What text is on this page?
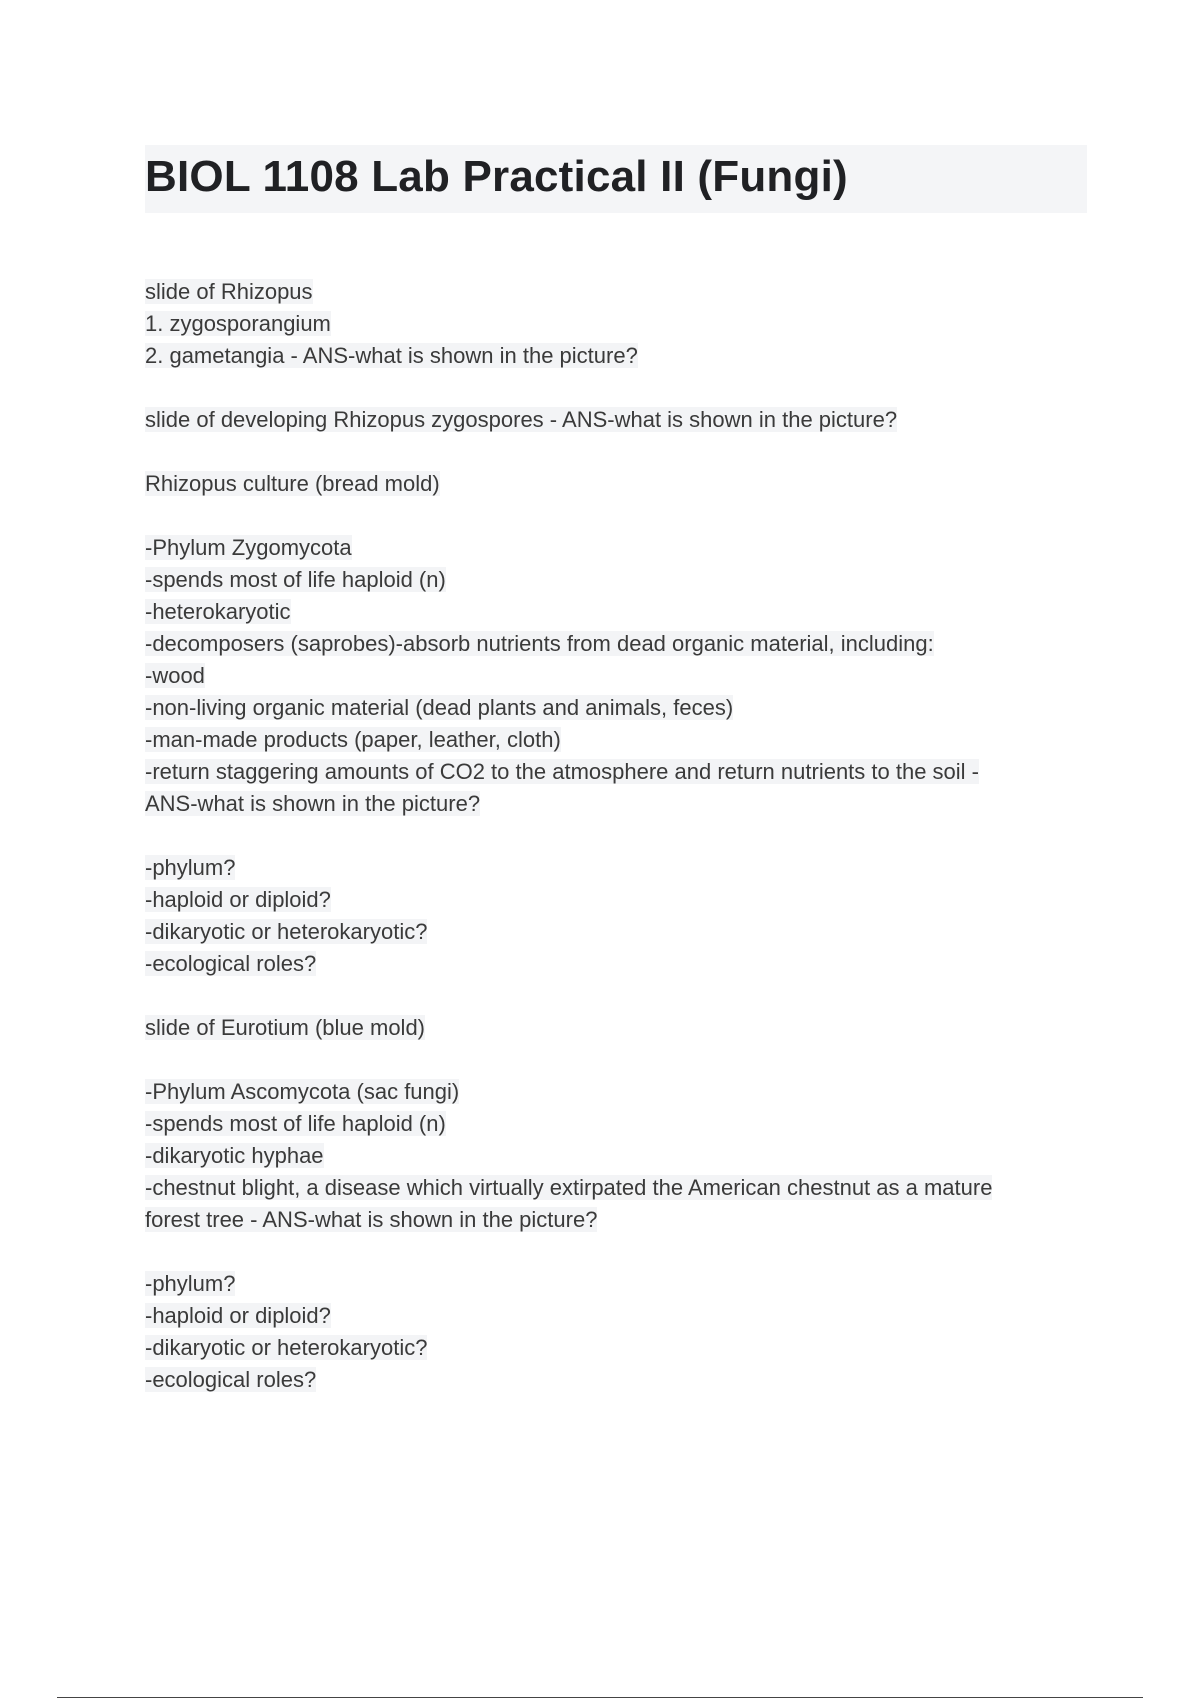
BIOL 1108 Lab Practical II (Fungi)
slide of Rhizopus
1. zygosporangium
2. gametangia - ANS-what is shown in the picture?
slide of developing Rhizopus zygospores - ANS-what is shown in the picture?
Rhizopus culture (bread mold)
-Phylum Zygomycota
-spends most of life haploid (n)
-heterokaryotic
-decomposers (saprobes)-absorb nutrients from dead organic material, including:
-wood
-non-living organic material (dead plants and animals, feces)
-man-made products (paper, leather, cloth)
-return staggering amounts of CO2 to the atmosphere and return nutrients to the soil -
ANS-what is shown in the picture?
-phylum?
-haploid or diploid?
-dikaryotic or heterokaryotic?
-ecological roles?
slide of Eurotium (blue mold)
-Phylum Ascomycota (sac fungi)
-spends most of life haploid (n)
-dikaryotic hyphae
-chestnut blight, a disease which virtually extirpated the American chestnut as a mature
forest tree - ANS-what is shown in the picture?
-phylum?
-haploid or diploid?
-dikaryotic or heterokaryotic?
-ecological roles?
